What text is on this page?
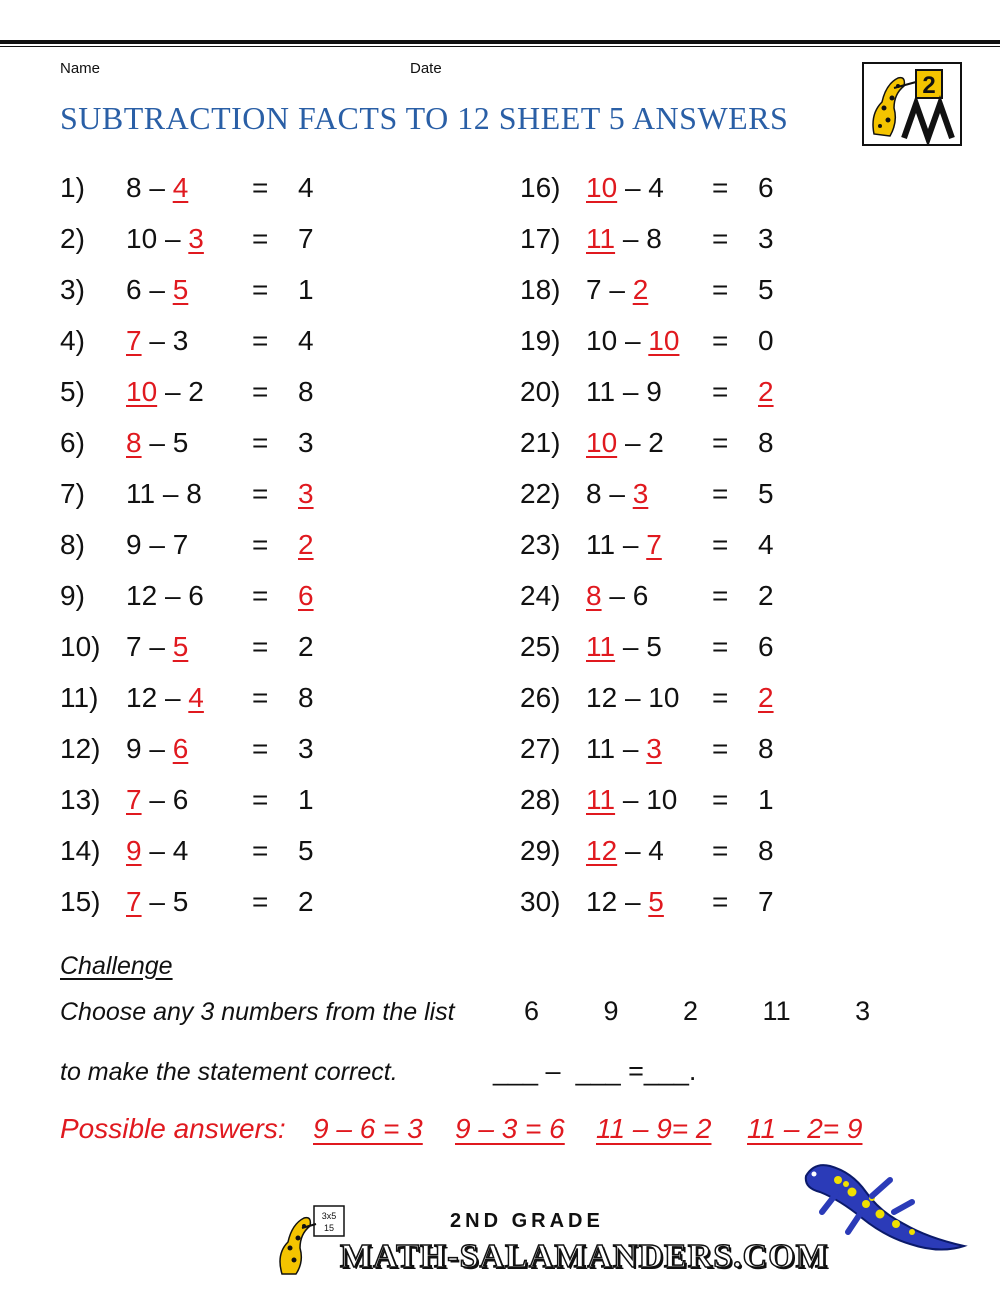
Name	Date
SUBTRACTION FACTS TO 12 SHEET 5 ANSWERS
2
1) 8 – 4 = 4
2) 10 – 3 = 7
3) 6 – 5 = 1
4) 7 – 3 = 4
5) 10 – 2 = 8
6) 8 – 5 = 3
7) 11 – 8 = 3
8) 9 – 7 = 2
9) 12 – 6 = 6
10) 7 – 5 = 2
11) 12 – 4 = 8
12) 9 – 6 = 3
13) 7 – 6 = 1
14) 9 – 4 = 5
15) 7 – 5 = 2
16) 10 – 4 = 6
17) 11 – 8 = 3
18) 7 – 2 = 5
19) 10 – 10 = 0
20) 11 – 9 = 2
21) 10 – 2 = 8
22) 8 – 3 = 5
23) 11 – 7 = 4
24) 8 – 6 = 2
25) 11 – 5 = 6
26) 12 – 10 = 2
27) 11 – 3 = 8
28) 11 – 10 = 1
29) 12 – 4 = 8
30) 12 – 5 = 7
Challenge
Choose any 3 numbers from the list	6   9   2   11   3
to make the statement correct.	___ –  ___ =___.
Possible answers: 9 – 6 = 3 9 – 3 = 6 11 – 9= 2 11 – 2= 9
3x5
15	2ND GRADE
MATH-SALAMANDERS.COM
